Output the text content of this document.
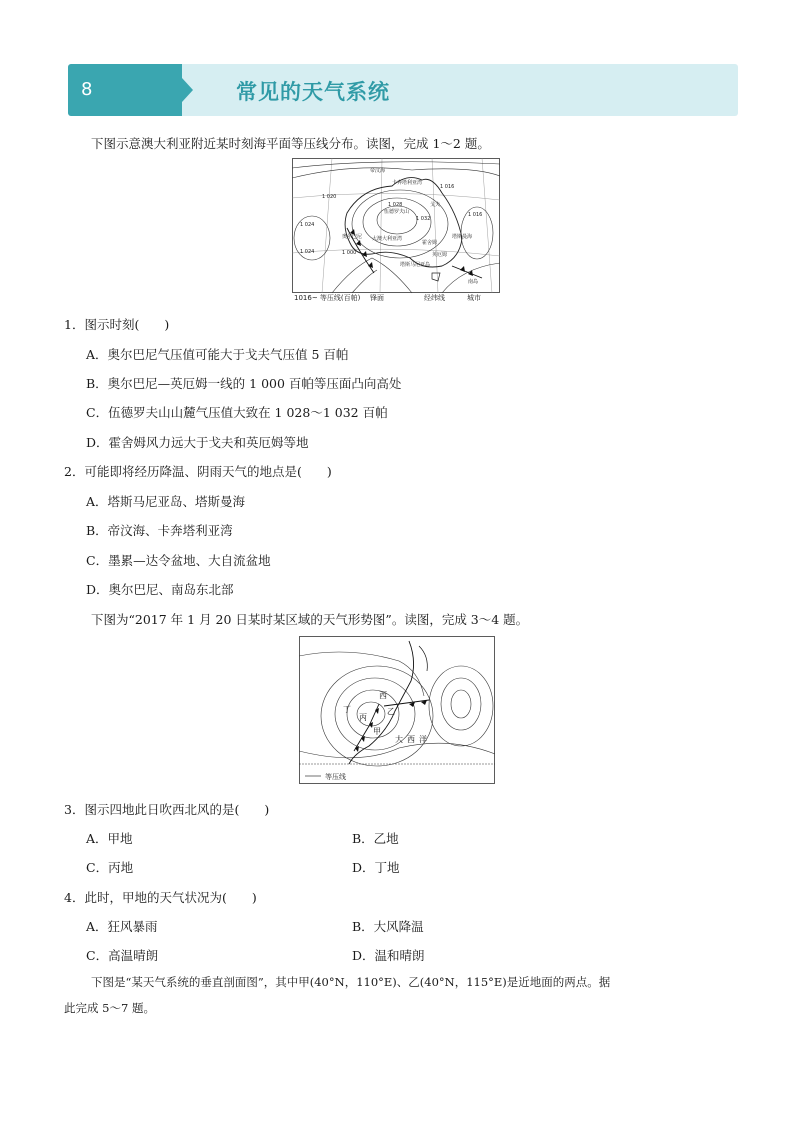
8	常见的天气系统
下图示意澳大利亚附近某时刻海平面等压线分布。读图，完成 1～2 题。
帝汶海
卡奔塔利亚湾
伍德罗夫山
奥尔巴尼 大澳大利亚湾
塔斯马尼亚岛
英厄姆
霍舍姆
戈夫
南岛
塔斯曼海
1 016
1 020
1 024
1 028
1 032
1 000
1 016
1 024
1016~ 等压线(百帕) 锋面	经纬线	城市
1．图示时刻(　　)
A．奥尔巴尼气压值可能大于戈夫气压值 5 百帕
B．奥尔巴尼—英厄姆一线的 1 000 百帕等压面凸向高处
C．伍德罗夫山山麓气压值大致在 1 028～1 032 百帕
D．霍舍姆风力远大于戈夫和英厄姆等地
2．可能即将经历降温、阴雨天气的地点是(　　)
A．塔斯马尼亚岛、塔斯曼海
B．帝汶海、卡奔塔利亚湾
C．墨累—达令盆地、大自流盆地
D．奥尔巴尼、南岛东北部
下图为“2017 年 1 月 20 日某时某区域的天气形势图”。读图，完成 3～4 题。
丁
丙
乙
甲
西
大 西 洋
等压线
3．图示四地此日吹西北风的是(　　)
A．甲地	B．乙地
C．丙地	D．丁地
4．此时，甲地的天气状况为(　　)
A．狂风暴雨	B．大风降温
C．高温晴朗	D．温和晴朗
下图是“某天气系统的垂直剖面图”，其中甲(40°N，110°E)、乙(40°N，115°E)是近地面的两点。据
此完成 5～7 题。
